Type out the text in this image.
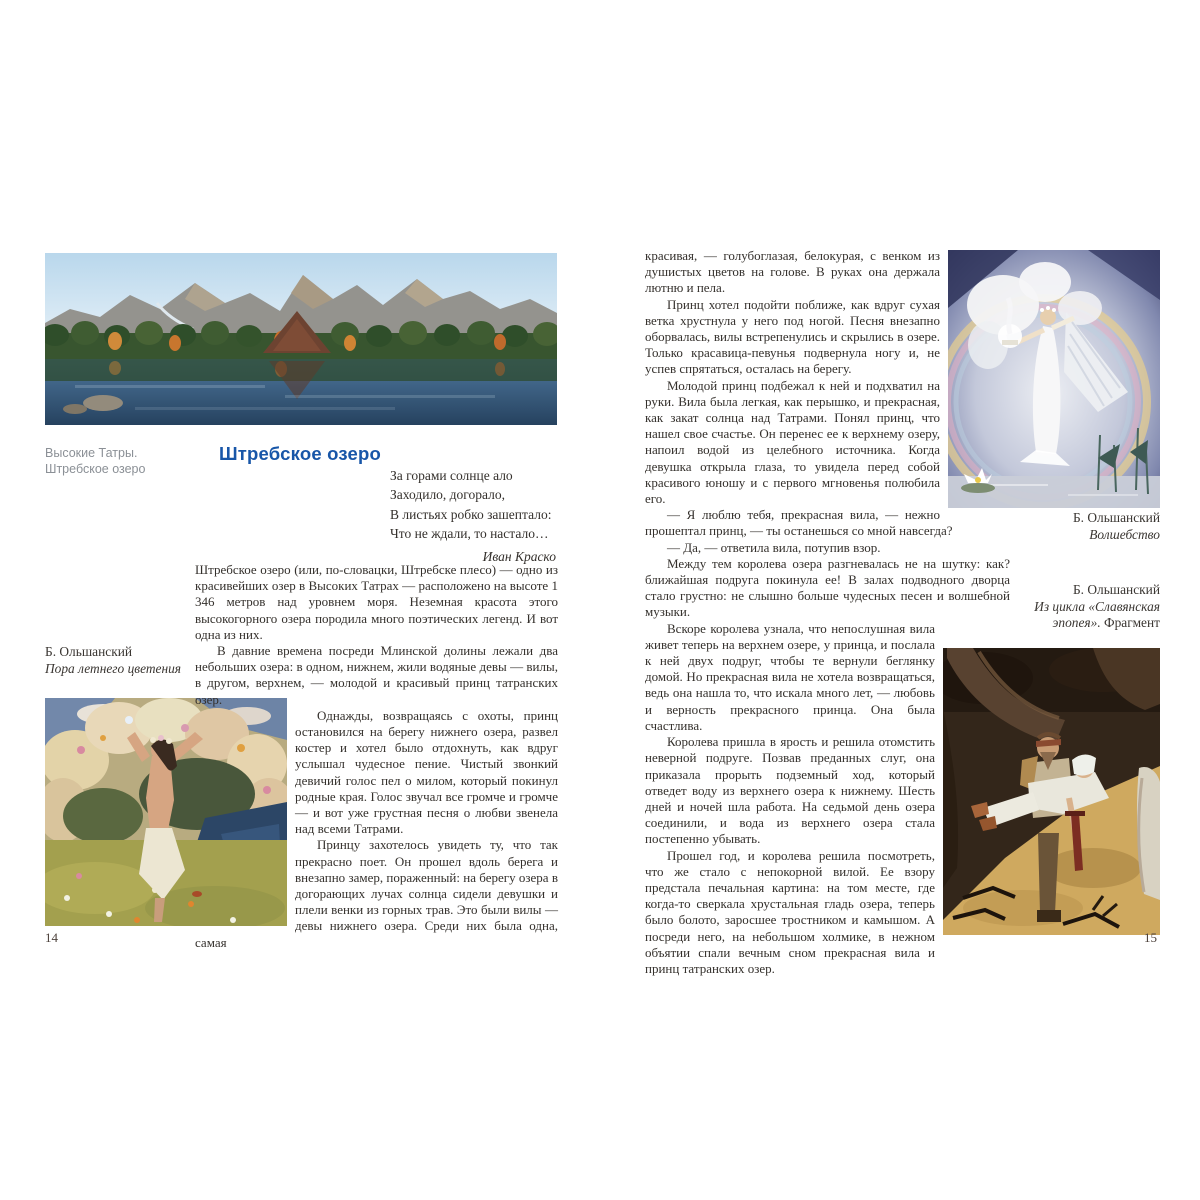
Высокие Татры.
Штребское озеро
Штребское озеро
За горами солнце ало
Заходило, догорало,
В листьях робко зашептало:
Что не ждали, то настало…
Иван Краско
Б. Ольшанский
Пора летнего цветения

Штребское озеро (или, по-словацки, Штребске плесо) — одно из красивейших озер в Высоких Татрах — расположено на высоте 1 346 метров над уровнем моря. Неземная красота этого высокогорного озера породила много поэтических легенд. И вот одна из них.

В давние времена посреди Млинской долины лежали два небольших озера: в одном, нижнем, жили водяные девы — вилы, в другом, верхнем, — молодой и красивый принц татранских озер.

Однажды, возвращаясь с охоты, принц остановился на берегу нижнего озера, развел костер и хотел было отдохнуть, как вдруг услышал чудесное пение. Чистый звонкий девичий голос пел о милом, который покинул родные края. Голос звучал все громче и громче — и вот уже грустная песня о любви звенела над всеми Татрами.

Принцу захотелось увидеть ту, что так прекрасно поет. Он прошел вдоль берега и внезапно замер, пораженный: на берегу озера в догорающих лучах солнца сидели девушки и плели венки из горных трав. Это были вилы — девы нижнего озера. Среди них была одна, самая

14
Б. Ольшанский
Волшебство
Б. Ольшанский
Из цикла «Славянская
эпопея». Фрагмент

красивая, — голубоглазая, белокурая, с венком из душистых цветов на голове. В руках она держала лютню и пела.

Принц хотел подойти поближе, как вдруг сухая ветка хрустнула у него под ногой. Песня внезапно оборвалась, вилы встрепенулись и скрылись в озере. Только красавица-певунья подвернула ногу и, не успев спрятаться, осталась на берегу.

Молодой принц подбежал к ней и подхватил на руки. Вила была легкая, как перышко, и прекрасная, как закат солнца над Татрами. Понял принц, что нашел свое счастье. Он перенес ее к верхнему озеру, напоил водой из целебного источника. Когда девушка открыла глаза, то увидела перед собой красивого юношу и с первого мгновенья полюбила его.

— Я люблю тебя, прекрасная вила, — нежно прошептал принц, — ты останешься со мной навсегда?

— Да, — ответила вила, потупив взор.

Между тем королева озера разгневалась не на шутку: как? ближайшая подруга покинула ее! В залах подводного дворца стало грустно: не слышно больше чудесных песен и волшебной музыки.

Вскоре королева узнала, что непослушная вила живет теперь на верхнем озере, у принца, и послала к ней двух подруг, чтобы те вернули беглянку домой. Но прекрасная вила не хотела возвращаться, ведь она нашла то, что искала много лет, — любовь и верность прекрасного принца. Она была счастлива.

Королева пришла в ярость и решила отомстить неверной подруге. Позвав преданных слуг, она приказала прорыть подземный ход, который отведет воду из верхнего озера к нижнему. Шесть дней и ночей шла работа. На седьмой день озера соединили, и вода из верхнего озера стала постепенно убывать.

Прошел год, и королева решила посмотреть, что же стало с непокорной вилой. Ее взору предстала печальная картина: на том месте, где когда-то сверкала хрустальная гладь озера, теперь было болото, заросшее тростником и камышом. А посреди него, на небольшом холмике, в нежном объятии спали вечным сном прекрасная вила и принц татранских озер.

15
